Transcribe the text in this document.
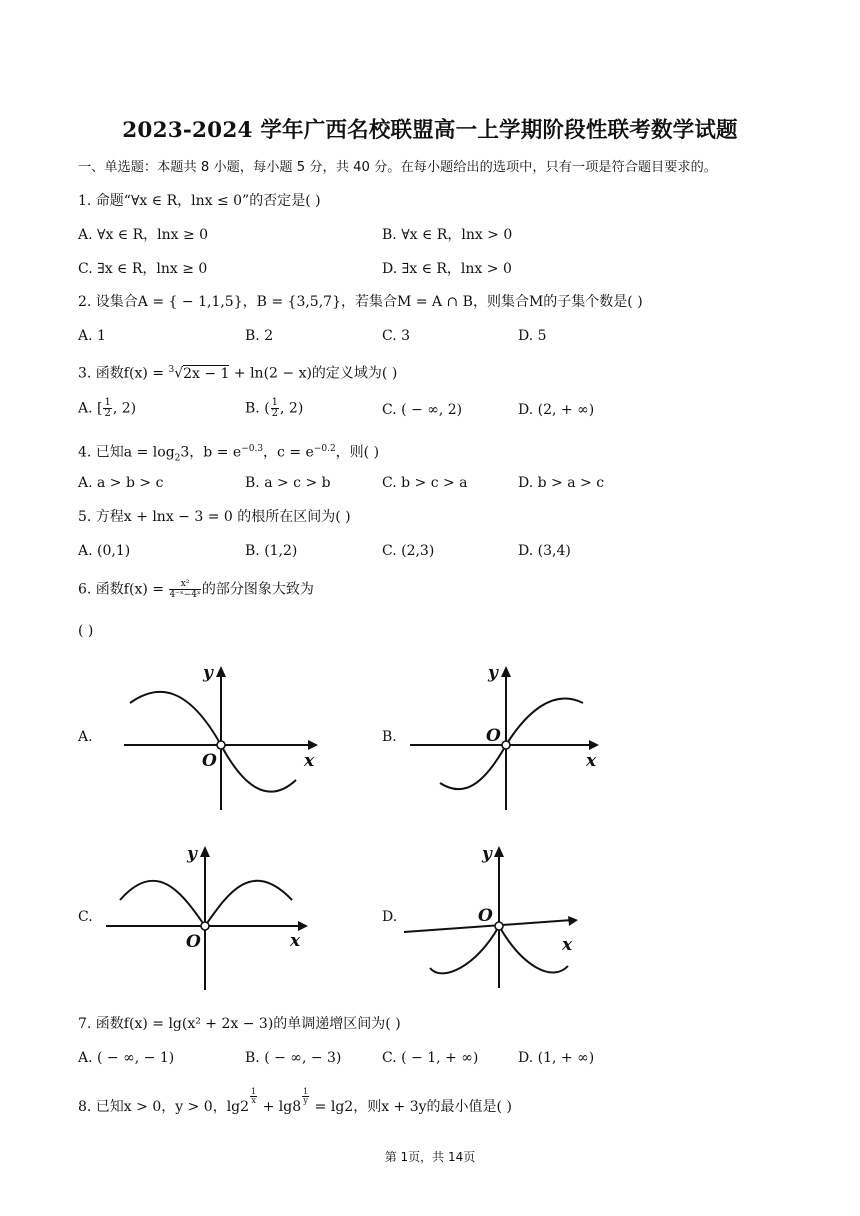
2023-2024 学年广西名校联盟高一上学期阶段性联考数学试题
一、单选题：本题共 8 小题，每小题 5 分，共 40 分。在每小题给出的选项中，只有一项是符合题目要求的。
1. 命题“∀x ∈ R，lnx ≤ 0”的否定是( )
A. ∀x ∈ R，lnx ≥ 0	B. ∀x ∈ R，lnx > 0
C. ∃x ∈ R，lnx ≥ 0	D. ∃x ∈ R，lnx > 0
2. 设集合A = { − 1,1,5}，B = {3,5,7}，若集合M = A ∩ B，则集合M的子集个数是( )
A. 1	B. 2	C. 3	D. 5
3. 函数f(x) = $^3$√2x − 1 + ln(2 − x)的定义域为( )
A. [ $\frac{1}{2}$ , 2)	B. ( $\frac{1}{2}$ , 2)	C. ( − ∞, 2)	D. (2, + ∞)
4. 已知$a = \log_23$，$b = e^{-0.3}$，$c = e^{-0.2}$，则( )
A. a > b > c	B. a > c > b	C. b > c > a	D. b > a > c
5. 方程x + lnx − 3 = 0 的根所在区间为( )
A. (0,1)	B. (1,2)	C. (2,3)	D. (3,4)
6. 函数$f(x) = \frac{\text{x²}}{\text{4⁻ˣ−4ˣ}}$ 的部分图象大致为
( )
A.	B.
C.	D.
O
y
x
O
y
x
O
y
x
O
y
x
7. 函数f(x) = lg(x² + 2x − 3)的单调递增区间为( )
A. ( − ∞, − 1)	B. ( − ∞, − 3)	C. ( − 1, + ∞)	D. (1, + ∞)
8. 已知x > 0，y > 0，lg2
$\frac{1}{x}$
+ lg8
$\frac{1}{y}$
= lg2，则x + 3y的最小值是( )
第 1页，共 14页
